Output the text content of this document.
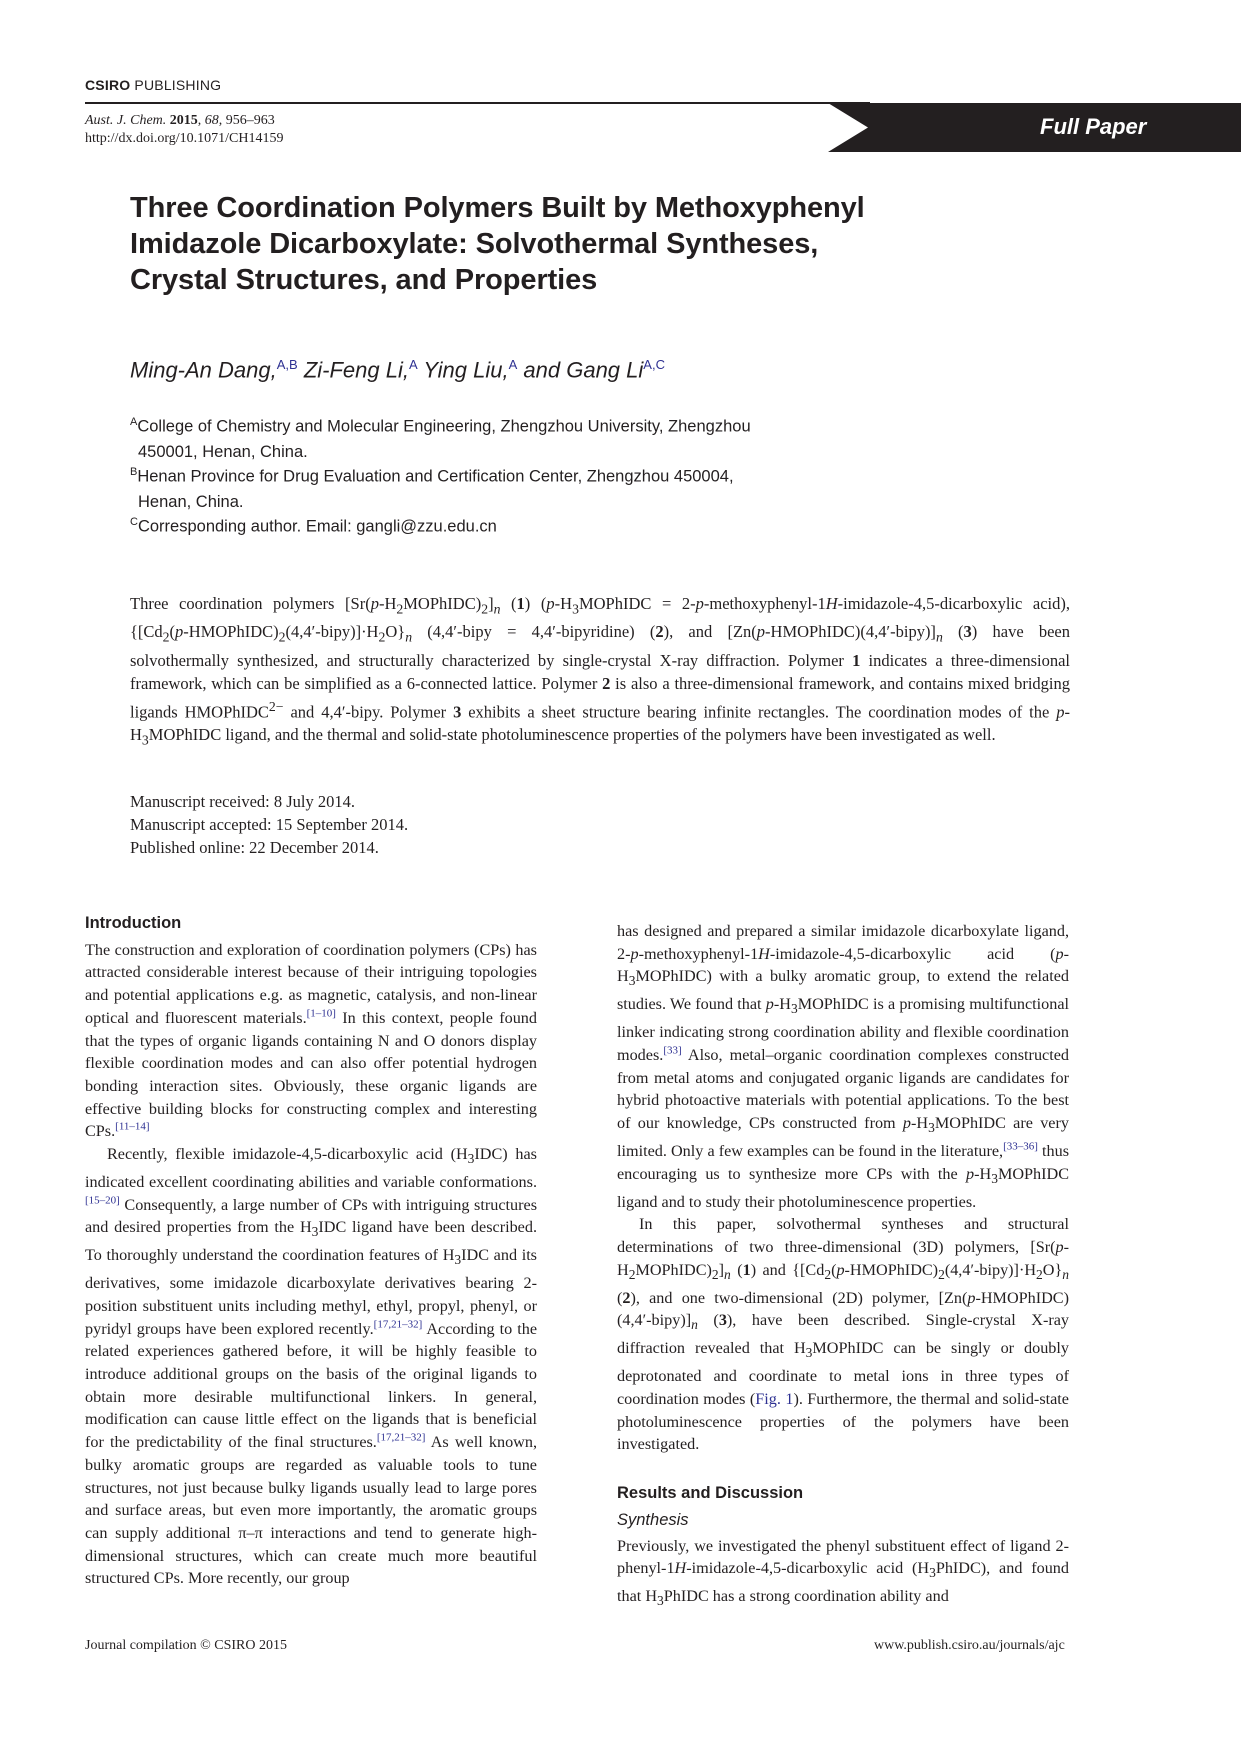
CSIRO PUBLISHING
Aust. J. Chem. 2015, 68, 956–963
http://dx.doi.org/10.1071/CH14159	Full Paper
Three Coordination Polymers Built by Methoxyphenyl
Imidazole Dicarboxylate: Solvothermal Syntheses,
Crystal Structures, and Properties
Ming-An Dang,$^{A,B}$ Zi-Feng Li,$^A$ Ying Liu,$^A$ and Gang $Li^{A,C}$
$^A$College of Chemistry and Molecular Engineering, Zhengzhou University, Zhengzhou
450001, Henan, China.
$^B$Henan Province for Drug Evaluation and Certification Center, Zhengzhou 450004,
Henan, China.
$^C$Corresponding author. Email: gangli@zzu.edu.cn
Three coordination polymers $[Sr(p-H_2MOPhIDC)_2]_n$ (1) ($p-H_3MOPhIDC$ = 2-p-methoxyphenyl-1H-imidazole-4,5-dicarboxylic acid), $\{[Cd_2(p-HMOPhIDC)_2(4,4'-bipy)]\cdot H_2O\}_n$ (4,4′-bipy = 4,4′-bipyridine) (2), and $[Zn(p-HMOPhIDC)(4,4'-bipy)]_n$ (3) have been solvothermally synthesized, and structurally characterized by single-crystal X-ray diffraction. Polymer 1 indicates a three-dimensional framework, which can be simplified as a 6-connected lattice. Polymer 2 is also a three-dimensional framework, and contains mixed bridging ligands HMOPhIDC$^{2-}$ and 4,4′-bipy. Polymer 3 exhibits a sheet structure bearing infinite rectangles. The coordination modes of the $p-H_3MOPhIDC$ ligand, and the thermal and solid-state photoluminescence properties of the polymers have been investigated as well.
Manuscript received: 8 July 2014.
Manuscript accepted: 15 September 2014.
Published online: 22 December 2014.
Introduction

The construction and exploration of coordination polymers (CPs) has attracted considerable interest because of their intriguing topologies and potential applications e.g. as magnetic, catalysis, and non-linear optical and fluorescent materials.[1–10] In this context, people found that the types of organic ligands containing N and O donors display flexible coordination modes and can also offer potential hydrogen bonding interaction sites. Obviously, these organic ligands are effective building blocks for constructing complex and interesting CPs.[11–14]

Recently, flexible imidazole-4,5-dicarboxylic acid $(H_3IDC)$ has indicated excellent coordinating abilities and variable conformations.[15–20] Consequently, a large number of CPs with intriguing structures and desired properties from the $H_3IDC$ ligand have been described. To thoroughly understand the coordination features of $H_3IDC$ and its derivatives, some imidazole dicarboxylate derivatives bearing 2-position substituent units including methyl, ethyl, propyl, phenyl, or pyridyl groups have been explored recently.[17,21–32] According to the related experiences gathered before, it will be highly feasible to introduce additional groups on the basis of the original ligands to obtain more desirable multifunctional linkers. In general, modification can cause little effect on the ligands that is beneficial for the predictability of the final structures.[17,21–32] As well known, bulky aromatic groups are regarded as valuable tools to tune structures, not just because bulky ligands usually lead to large pores and surface areas, but even more importantly, the aromatic groups can supply additional π–π interactions and tend to generate high-dimensional structures, which can create much more beautiful structured CPs. More recently, our group

has designed and prepared a similar imidazole dicarboxylate ligand, 2-p-methoxyphenyl-1H-imidazole-4,5-dicarboxylic acid $(p-H_3MOPhIDC)$ with a bulky aromatic group, to extend the related studies. We found that $p-H_3MOPhIDC$ is a promising multifunctional linker indicating strong coordination ability and flexible coordination modes.[33] Also, metal–organic coordination complexes constructed from metal atoms and conjugated organic ligands are candidates for hybrid photoactive materials with potential applications. To the best of our knowledge, CPs constructed from $p-H_3MOPhIDC$ are very limited. Only a few examples can be found in the literature,[33–36] thus encouraging us to synthesize more CPs with the $p-H_3MOPhIDC$ ligand and to study their photoluminescence properties.

In this paper, solvothermal syntheses and structural determinations of two three-dimensional (3D) polymers, $[Sr(p-H_2MOPhIDC)_2]_n$ (1) and $\{[Cd_2(p-HMOPhIDC)_2(4,4'-bipy)]\cdot H_2O\}_n$ (2), and one two-dimensional (2D) polymer, $[Zn(p-HMOPhIDC)(4,4'-bipy)]_n$ (3), have been described. Single-crystal X-ray diffraction revealed that $H_3MOPhIDC$ can be singly or doubly deprotonated and coordinate to metal ions in three types of coordination modes (Fig. 1). Furthermore, the thermal and solid-state photoluminescence properties of the polymers have been investigated.

Results and Discussion
Synthesis

Previously, we investigated the phenyl substituent effect of ligand 2-phenyl-1H-imidazole-4,5-dicarboxylic acid $(H_3PhIDC)$, and found that $H_3PhIDC$ has a strong coordination ability and

Journal compilation © CSIRO 2015	www.publish.csiro.au/journals/ajc
